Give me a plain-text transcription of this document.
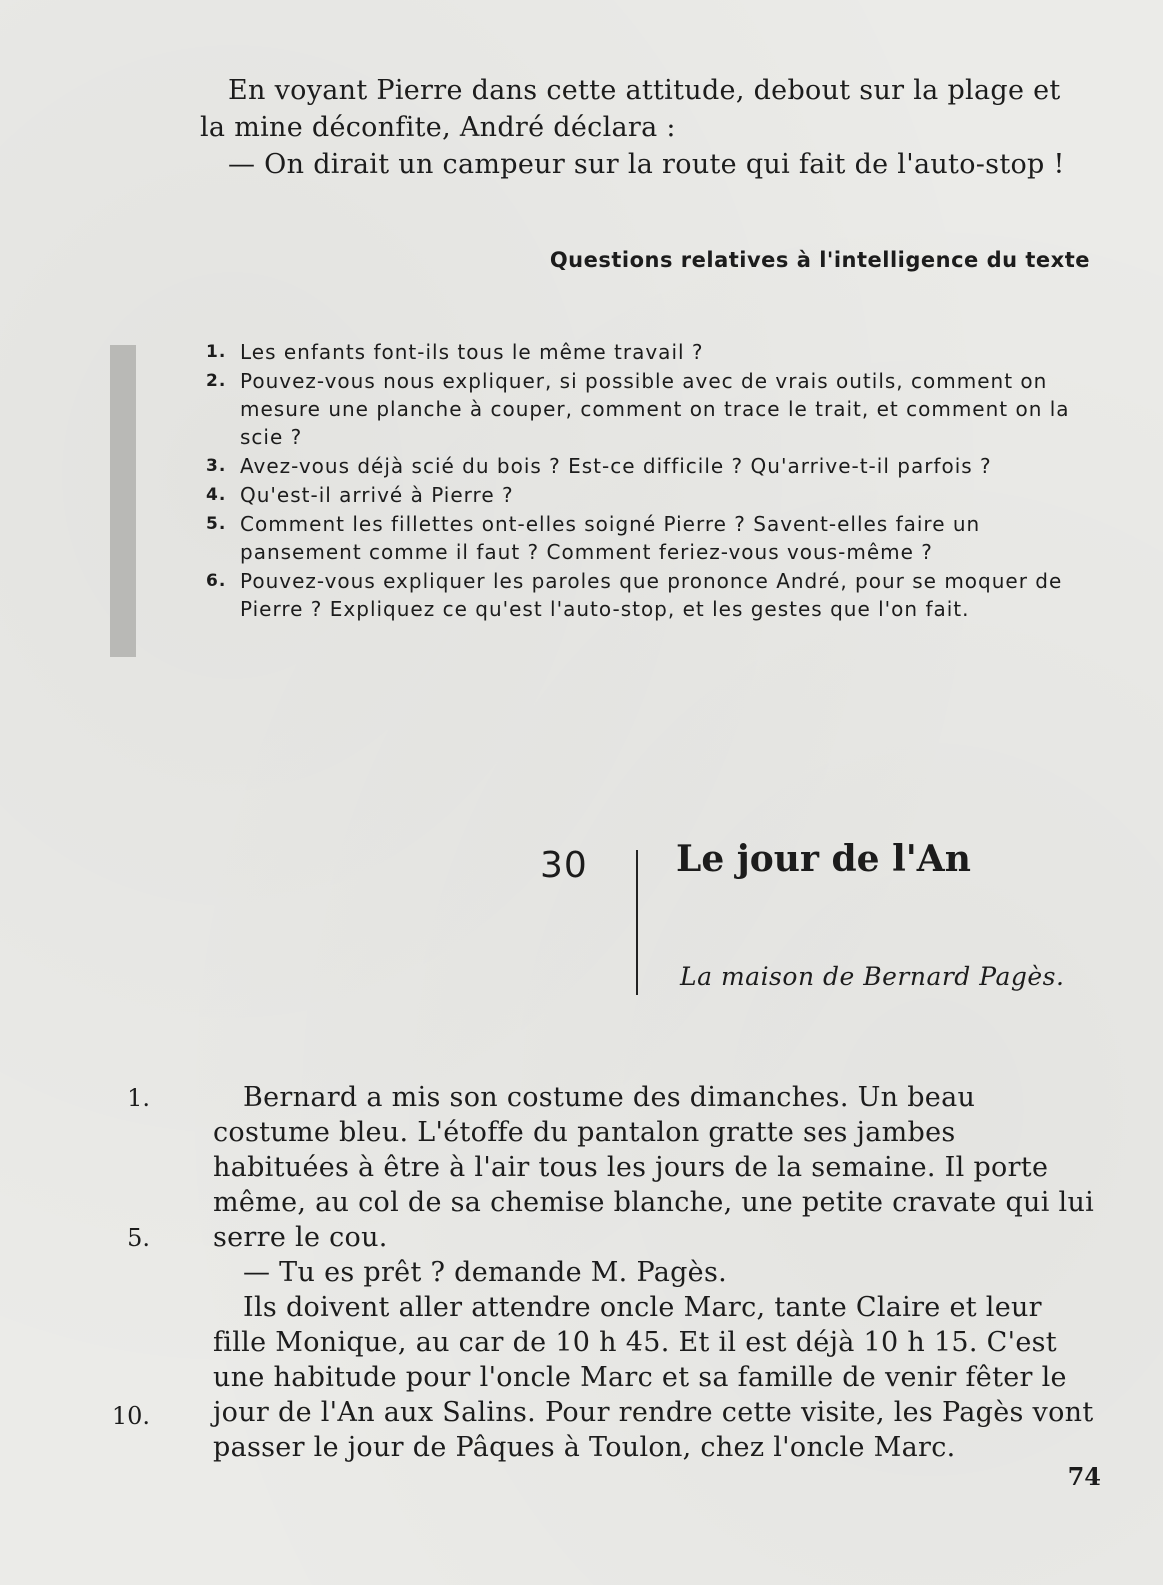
En voyant Pierre dans cette attitude, debout sur la plage et la mine déconfite, André déclara :

— On dirait un campeur sur la route qui fait de l'auto-stop !

Questions relatives à l'intelligence du texte
1. Les enfants font-ils tous le même travail ?
2. Pouvez-vous nous expliquer, si possible avec de vrais outils, comment on mesure une planche à couper, comment on trace le trait, et comment on la scie ?
3. Avez-vous déjà scié du bois ? Est-ce difficile ? Qu'arrive-t-il parfois ?
4. Qu'est-il arrivé à Pierre ?
5. Comment les fillettes ont-elles soigné Pierre ? Savent-elles faire un pansement comme il faut ? Comment feriez-vous vous-même ?
6. Pouvez-vous expliquer les paroles que prononce André, pour se moquer de Pierre ? Expliquez ce qu'est l'auto-stop, et les gestes que l'on fait.
30	Le jour de l'An
La maison de Bernard Pagès.
1.
5.
10.

Bernard a mis son costume des dimanches. Un beau costume bleu. L'étoffe du pantalon gratte ses jambes habituées à être à l'air tous les jours de la semaine. Il porte même, au col de sa chemise blanche, une petite cravate qui lui serre le cou.

— Tu es prêt ? demande M. Pagès.

Ils doivent aller attendre oncle Marc, tante Claire et leur fille Monique, au car de 10 h 45. Et il est déjà 10 h 15. C'est une habitude pour l'oncle Marc et sa famille de venir fêter le jour de l'An aux Salins. Pour rendre cette visite, les Pagès vont passer le jour de Pâques à Toulon, chez l'oncle Marc.

74
